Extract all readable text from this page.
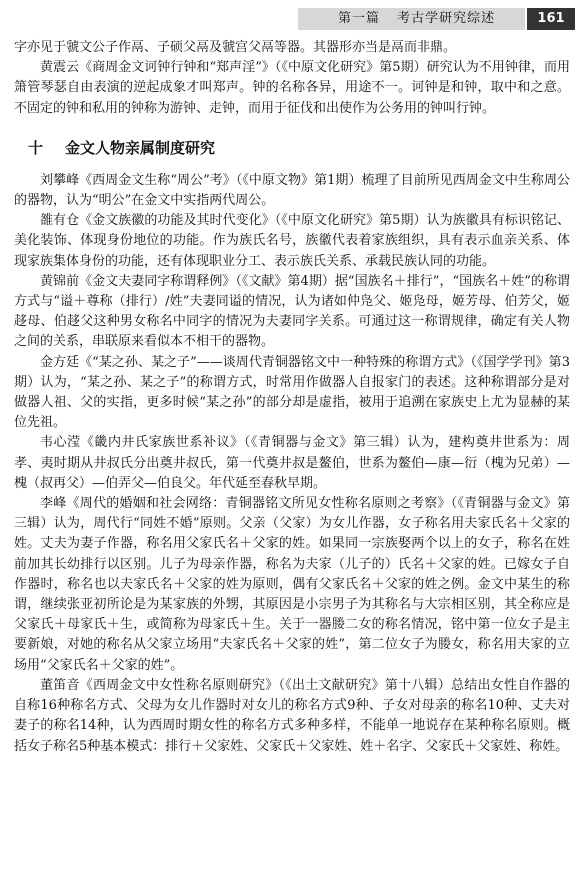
第一篇 考古学研究综述	161

字亦见于虢文公子作鬲、子硕父鬲及虢宫父鬲等器。其器形亦当是鬲而非鼎。

黄震云《商周金文诃钟行钟和“郑声淫”》（《中原文化研究》第5期）研究认为不用钟律，而用箫管琴瑟自由表演的逆起成象才叫郑声。钟的名称各异，用途不一。诃钟是和钟，取中和之意。不固定的钟和私用的钟称为游钟、走钟，而用于征伐和出使作为公务用的钟叫行钟。

十 金文人物亲属制度研究

刘攀峰《西周金文生称“周公”考》（《中原文物》第1期）梳理了目前所见西周金文中生称周公的器物，认为“明公”在金文中实指两代周公。

雒有仓《金文族徽的功能及其时代变化》（《中原文化研究》第5期）认为族徽具有标识铭记、美化装饰、体现身份地位的功能。作为族氏名号，族徽代表着家族组织，具有表示血亲关系、体现家族集体身份的功能，还有体现职业分工、表示族氏关系、承载民族认同的功能。

黄锦前《金文夫妻同字称谓释例》（《文献》第4期）据“国族名＋排行”，“国族名＋姓”的称谓方式与“谥＋尊称（排行）/姓”夫妻同谥的情况，认为诸如仲凫父、姬凫母，姬芳母、伯芳父，姬趍母、伯趍父这种男女称名中同字的情况为夫妻同字关系。可通过这一称谓规律，确定有关人物之间的关系，串联原来看似本不相干的器物。

金方廷《“某之孙、某之子”——谈周代青铜器铭文中一种特殊的称谓方式》（《国学学刊》第3期）认为，“某之孙、某之子”的称谓方式，时常用作做器人自报家门的表述。这种称谓部分是对做器人祖、父的实指，更多时候“某之孙”的部分却是虚指，被用于追溯在家族史上尤为显赫的某位先祖。

韦心滢《畿内井氏家族世系补议》（《青铜器与金文》第三辑）认为，建构奠井世系为：周孝、夷时期从井叔氏分出奠井叔氏，第一代奠井叔是鳌伯，世系为鳌伯—康—衍（槐为兄弟）—槐（叔再父）—伯弄父—伯良父。年代延至春秋早期。

李峰《周代的婚姻和社会网络：青铜器铭文所见女性称名原则之考察》（《青铜器与金文》第三辑）认为，周代行“同姓不婚”原则。父亲（父家）为女儿作器，女子称名用夫家氏名＋父家的姓。丈夫为妻子作器，称名用父家氏名＋父家的姓。如果同一宗族娶两个以上的女子，称名在姓前加其长幼排行以区别。儿子为母亲作器，称名为夫家（儿子的）氏名＋父家的姓。已嫁女子自作器时，称名也以夫家氏名＋父家的姓为原则，偶有父家氏名＋父家的姓之例。金文中某生的称谓，继续张亚初所论是为某家族的外甥，其原因是小宗男子为其称名与大宗相区别，其全称应是父家氏＋母家氏＋生，或简称为母家氏＋生。关于一器媵二女的称名情况，铭中第一位女子是主要新娘，对她的称名从父家立场用“夫家氏名＋父家的姓”，第二位女子为媵女，称名用夫家的立场用“父家氏名＋父家的姓”。

董笛音《西周金文中女性称名原则研究》（《出土文献研究》第十八辑）总结出女性自作器的自称16种称名方式、父母为女儿作器时对女儿的称名方式9种、子女对母亲的称名10种、丈夫对妻子的称名14种，认为西周时期女性的称名方式多种多样，不能单一地说存在某种称名原则。概括女子称名5种基本模式：排行＋父家姓、父家氏＋父家姓、姓＋名字、父家氏＋父家姓、称姓。
